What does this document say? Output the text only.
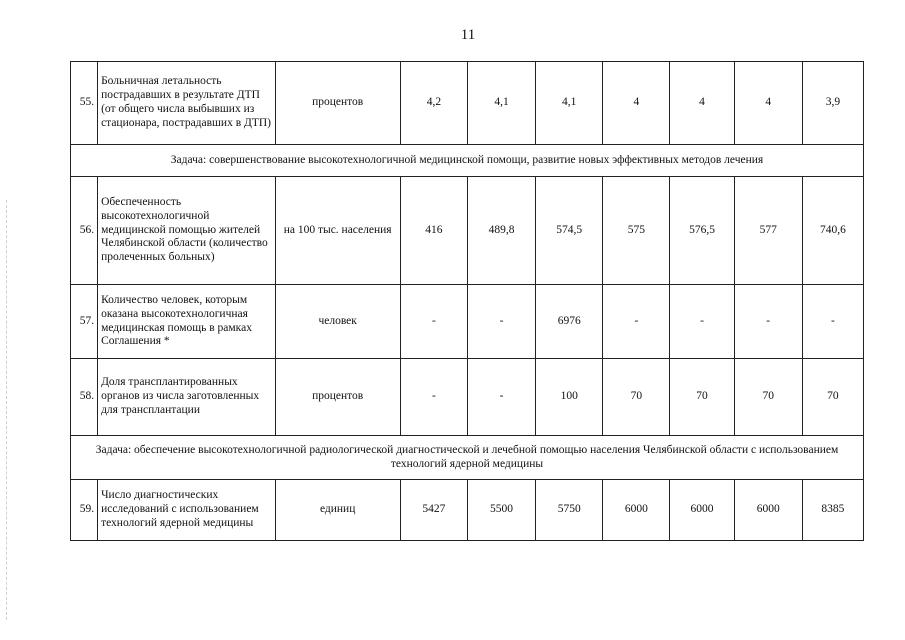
11
55.	Больничная летальность пострадавших в результате ДТП (от общего числа выбывших из стационара, пострадавших в ДТП)	процентов	4,2	4,1	4,1	4	4	4	3,9
Задача: совершенствование высокотехнологичной медицинской помощи, развитие новых эффективных методов лечения									
56.	Обеспеченность высокотехнологичной медицинской помощью жителей Челябинской области (количество пролеченных больных)	на 100 тыс. населения	416	489,8	574,5	575	576,5	577	740,6
57.	Количество человек, которым оказана высокотехнологичная медицинская помощь в рамках Соглашения *	человек	-	-	6976	-	-	-	-
58.	Доля трансплантированных органов из числа заготовленных для трансплантации	процентов	-	-	100	70	70	70	70
Задача: обеспечение высокотехнологичной радиологической диагностической и лечебной помощью населения Челябинской области с использованием технологий ядерной медицины									
59.	Число диагностических исследований с использованием технологий ядерной медицины	единиц	5427	5500	5750	6000	6000	6000	8385
